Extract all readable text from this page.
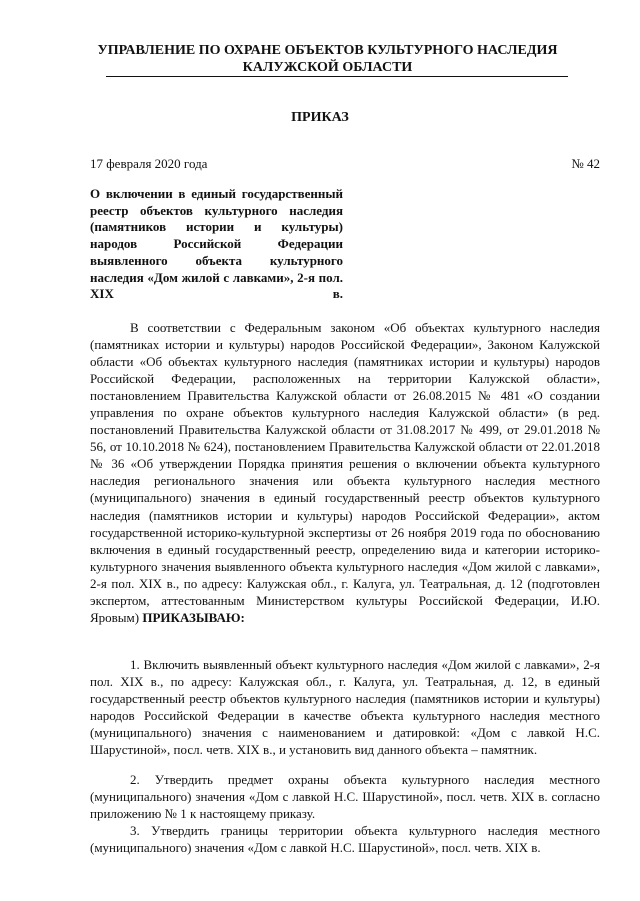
УПРАВЛЕНИЕ ПО ОХРАНЕ ОБЪЕКТОВ КУЛЬТУРНОГО НАСЛЕДИЯ
КАЛУЖСКОЙ ОБЛАСТИ
ПРИКАЗ
17 февраля 2020 года	№ 42
О включении в единый государственный реестр объектов культурного наследия (памятников истории и культуры) народов Российской Федерации выявленного объекта культурного наследия «Дом жилой с лавками», 2-я пол. XIX в.
В соответствии с Федеральным законом «Об объектах культурного наследия (памятниках истории и культуры) народов Российской Федерации», Законом Калужской области «Об объектах культурного наследия (памятниках истории и культуры) народов Российской Федерации, расположенных на территории Калужской области», постановлением Правительства Калужской области от 26.08.2015 № 481 «О создании управления по охране объектов культурного наследия Калужской области» (в ред. постановлений Правительства Калужской области от 31.08.2017 № 499, от 29.01.2018 № 56, от 10.10.2018 № 624), постановлением Правительства Калужской области от 22.01.2018 № 36 «Об утверждении Порядка принятия решения о включении объекта культурного наследия регионального значения или объекта культурного наследия местного (муниципального) значения в единый государственный реестр объектов культурного наследия (памятников истории и культуры) народов Российской Федерации», актом государственной историко-культурной экспертизы от 26 ноября 2019 года по обоснованию включения в единый государственный реестр, определению вида и категории историко-культурного значения выявленного объекта культурного наследия «Дом жилой с лавками», 2-я пол. XIX в., по адресу: Калужская обл., г. Калуга, ул. Театральная, д. 12 (подготовлен экспертом, аттестованным Министерством культуры Российской Федерации, И.Ю. Яровым) ПРИКАЗЫВАЮ:
1. Включить выявленный объект культурного наследия «Дом жилой с лавками», 2-я пол. XIX в., по адресу: Калужская обл., г. Калуга, ул. Театральная, д. 12, в единый государственный реестр объектов культурного наследия (памятников истории и культуры) народов Российской Федерации в качестве объекта культурного наследия местного (муниципального) значения с наименованием и датировкой: «Дом с лавкой Н.С. Шарустиной», посл. четв. XIX в., и установить вид данного объекта – памятник.
2. Утвердить предмет охраны объекта культурного наследия местного (муниципального) значения «Дом с лавкой Н.С. Шарустиной», посл. четв. XIX в. согласно приложению № 1 к настоящему приказу.
3. Утвердить границы территории объекта культурного наследия местного (муниципального) значения «Дом с лавкой Н.С. Шарустиной», посл. четв. XIX в.
